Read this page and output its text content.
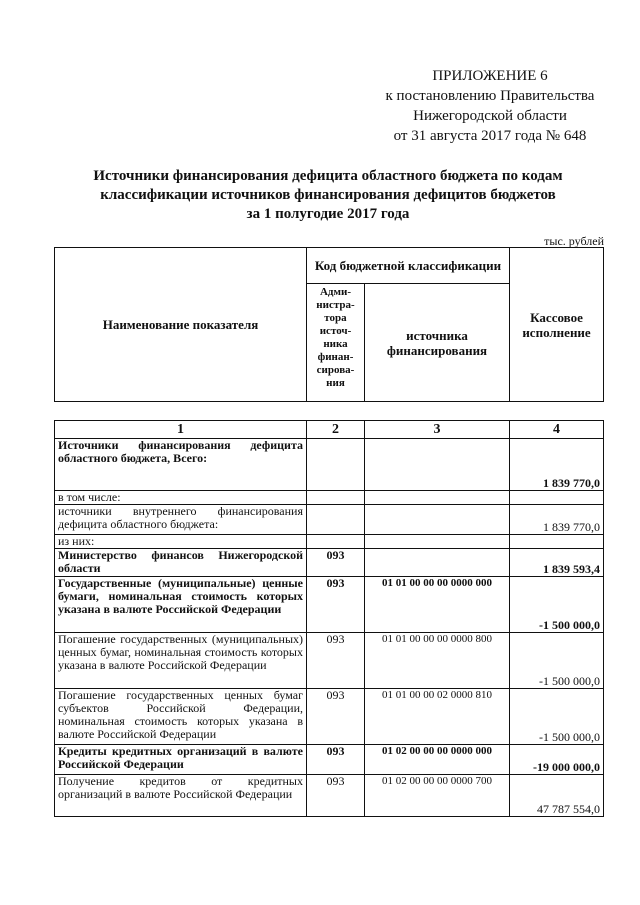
ПРИЛОЖЕНИЕ 6
к постановлению Правительства
Нижегородской области
от 31 августа 2017 года № 648
Источники финансирования дефицита областного бюджета по кодам
классификации источников финансирования дефицитов бюджетов
за 1 полугодие 2017 года
тыс. рублей
Наименование показателя	Код бюджетной классификации		Кассовое исполнение
	Адми-нистра-тора источ-ника финан-сирова-ния	источника финансирования	
1	2	3	4
Источники финансирования дефицита областного бюджета, Всего:			1 839 770,0
в том числе:			
источники внутреннего финансирования дефицита областного бюджета:			1 839 770,0
из них:			
Министерство финансов Нижегородской области	093		1 839 593,4
Государственные (муниципальные) ценные бумаги, номинальная стоимость которых указана в валюте Российской Федерации	093	01 01 00 00 00 0000 000	-1 500 000,0
Погашение государственных (муниципальных) ценных бумаг, номинальная стоимость которых указана в валюте Российской Федерации	093	01 01 00 00 00 0000 800	-1 500 000,0
Погашение государственных ценных бумаг субъектов Российской Федерации, номинальная стоимость которых указана в валюте Российской Федерации	093	01 01 00 00 02 0000 810	-1 500 000,0
Кредиты кредитных организаций в валюте Российской Федерации	093	01 02 00 00 00 0000 000	-19 000 000,0
Получение кредитов от кредитных организаций в валюте Российской Федерации	093	01 02 00 00 00 0000 700	47 787 554,0
